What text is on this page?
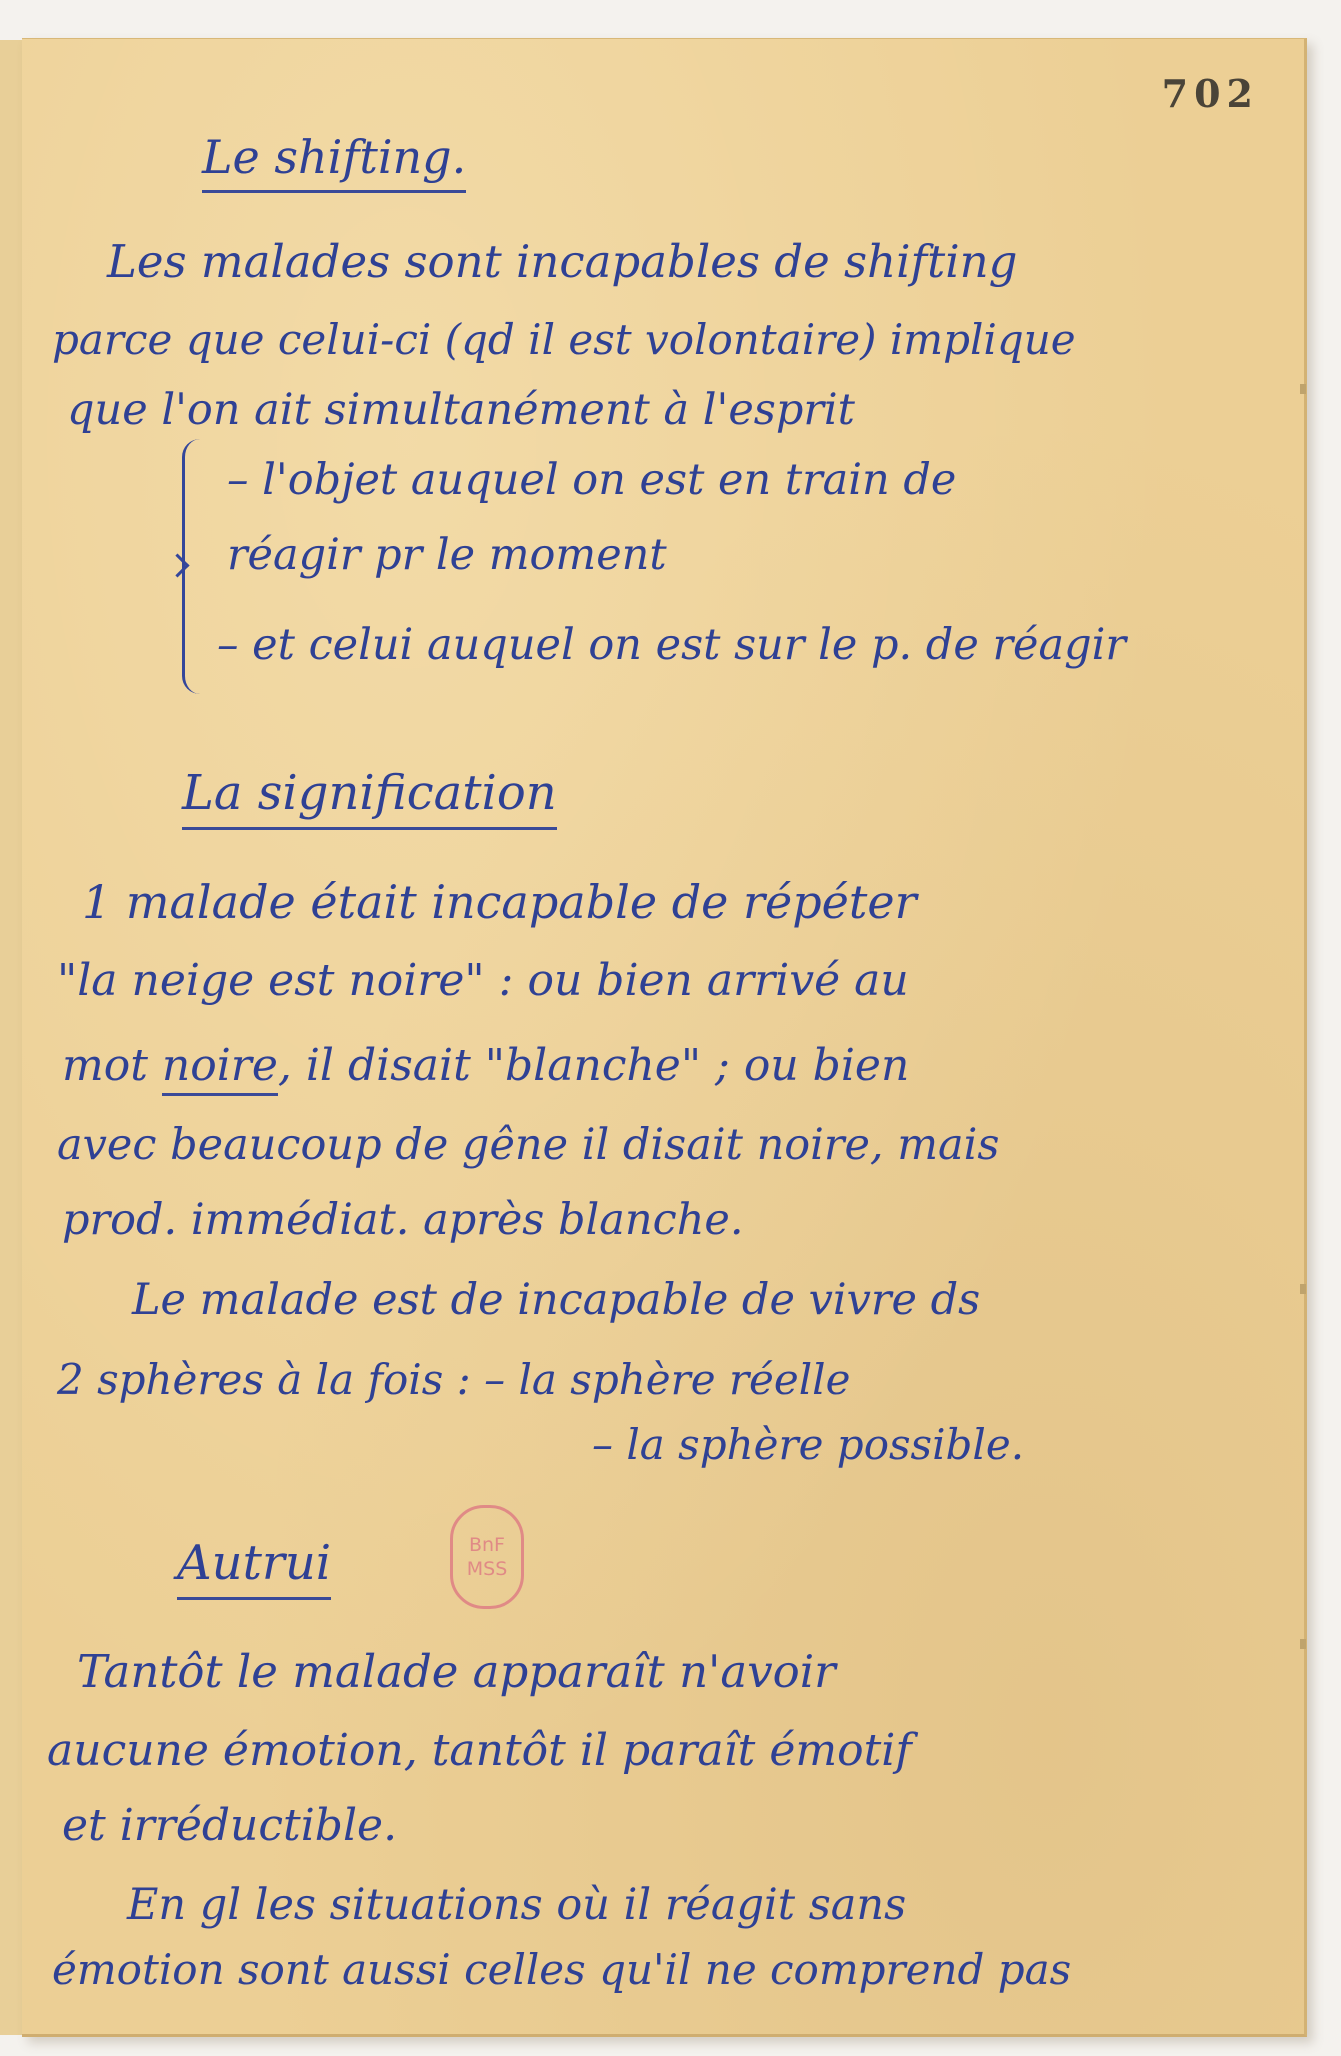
702
Le shifting.
Les malades sont incapables de shifting
parce que celui-ci (qd il est volontaire) implique
que l'on ait simultanément à l'esprit
– l'objet auquel on est en train de
réagir pr le moment
– et celui auquel on est sur le p. de réagir
La signification
1 malade était incapable de répéter
"la neige est noire" : ou bien arrivé au
mot noire, il disait "blanche" ; ou bien
avec beaucoup de gêne il disait noire, mais
prod. immédiat. après blanche.
Le malade est de incapable de vivre ds
2 sphères à la fois : – la sphère réelle
– la sphère possible.
Autrui	BnF
MSS
Tantôt le malade apparaît n'avoir
aucune émotion, tantôt il paraît émotif
et irréductible.
En gl les situations où il réagit sans
émotion sont aussi celles qu'il ne comprend pas
